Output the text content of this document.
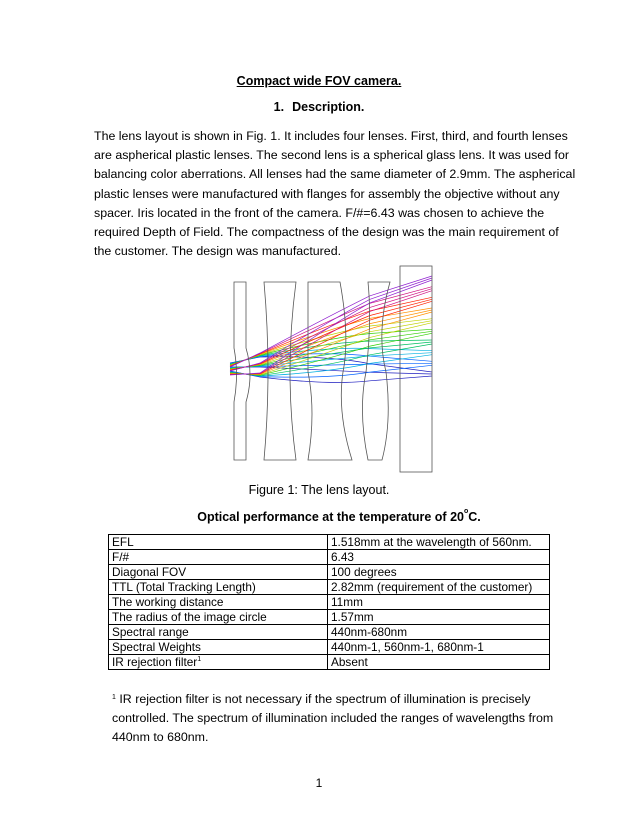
Compact wide FOV camera.
1. Description.
The lens layout is shown in Fig. 1. It includes four lenses. First, third, and fourth lenses
are aspherical plastic lenses. The second lens is a spherical glass lens. It was used for
balancing color aberrations. All lenses had the same diameter of 2.9mm. The aspherical
plastic lenses were manufactured with flanges for assembly the objective without any
spacer. Iris located in the front of the camera. F/#=6.43 was chosen to achieve the
required Depth of Field. The compactness of the design was the main requirement of
the customer. The design was manufactured.
Figure 1: The lens layout.
Optical performance at the temperature of 20$^o$C.
EFL	1.518mm at the wavelength of 560nm.
F/#	6.43
Diagonal FOV	100 degrees
TTL (Total Tracking Length)	2.82mm (requirement of the customer)
The working distance	11mm
The radius of the image circle	1.57mm
Spectral range	440nm-680nm
Spectral Weights	440nm-1, 560nm-1, 680nm-1
IR rejection filter$^1$	Absent
$^1$ IR rejection filter is not necessary if the spectrum of illumination is precisely
controlled. The spectrum of illumination included the ranges of wavelengths from
440nm to 680nm.
1
